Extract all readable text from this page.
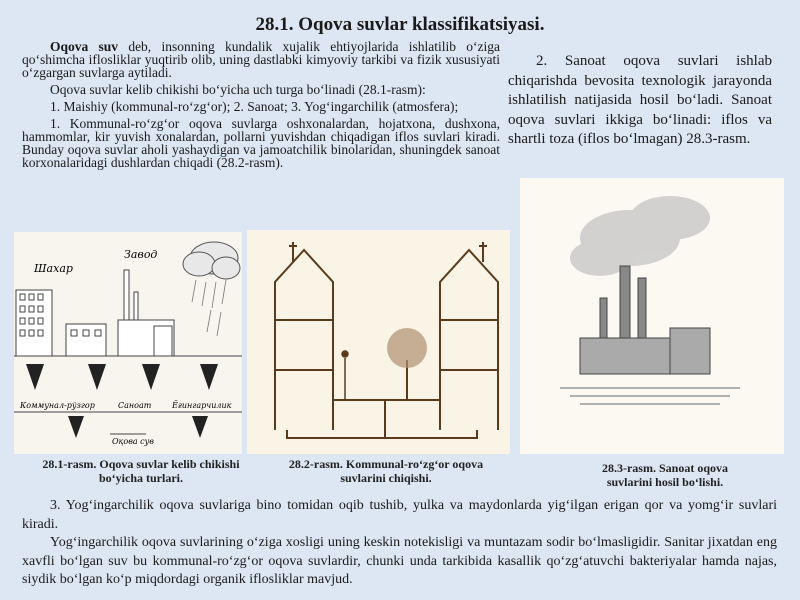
28.1. Oqova suvlar klassifikatsiyasi.

Oqova suv deb, insonning kundalik xujalik ehtiyojlarida ishlatilib o‘ziga qo‘shimcha iflosliklаr yuqtirib olib, uning dastlabki kimyoviy tarkibi va fizik xususiyati o‘zgargan suvlarga aytiladi.

Oqova suvlar kelib chikishi bo‘yicha uch turga bo‘linadi (28.1-rasm):

1. Maishiy (kommunal-ro‘zg‘or); 2. Sanoat; 3. Yog‘ingarchilik (atmosfera);

1. Kommunal-ro‘zg‘or oqova suvlarga oshxonalardan, hojatxona, dushxona, hammomlar, kir yuvish xonalardan, pollarni yuvishdan chiqadigan iflos suvlari kiradi. Bunday oqova suvlar aholi yashaydigan va jamoatchilik binolaridan, shuningdek sanoat korxonalaridagi dushlardan chiqadi (28.2-rasm).

2. Sanoat oqova suvlari ishlab chiqarishda bevosita texnologik jarayonda ishlatilish natijasida hosil bo‘ladi. Sanoat oqova suvlari ikkiga bo‘linadi: iflos va shartli toza (iflos bo‘lmagan) 28.3-rasm.

Шахар
Завод
Коммунал-рўзгор	Саноат	Ёғингарчилик
Оқова сув
28.1-rasm. Oqova suvlar kelib chikishi bo‘yicha turlari.
28.2-rasm. Kommunal-ro‘zg‘or oqova suvlarini chiqishi.
28.3-rasm. Sanoat oqova suvlarini hosil bo‘lishi.

3. Yog‘ingarchilik oqova suvlariga bino tomidan oqib tushib, yulka va maydonlarda yig‘ilgan erigan qor va yomg‘ir suvlari kiradi.

Yog‘ingarchilik oqova suvlarining o‘ziga xosligi uning keskin notekisligi va muntazam sodir bo‘lmasligidir. Sanitar jixatdan eng xavfli bo‘lgan suv bu kommunal-ro‘zg‘or oqova suvlardir, chunki unda tarkibida kasallik qo‘zg‘atuvchi bakteriyalar hamda najas, siydik bo‘lgan ko‘p miqdordagi organik iflosliklаr mavjud.
